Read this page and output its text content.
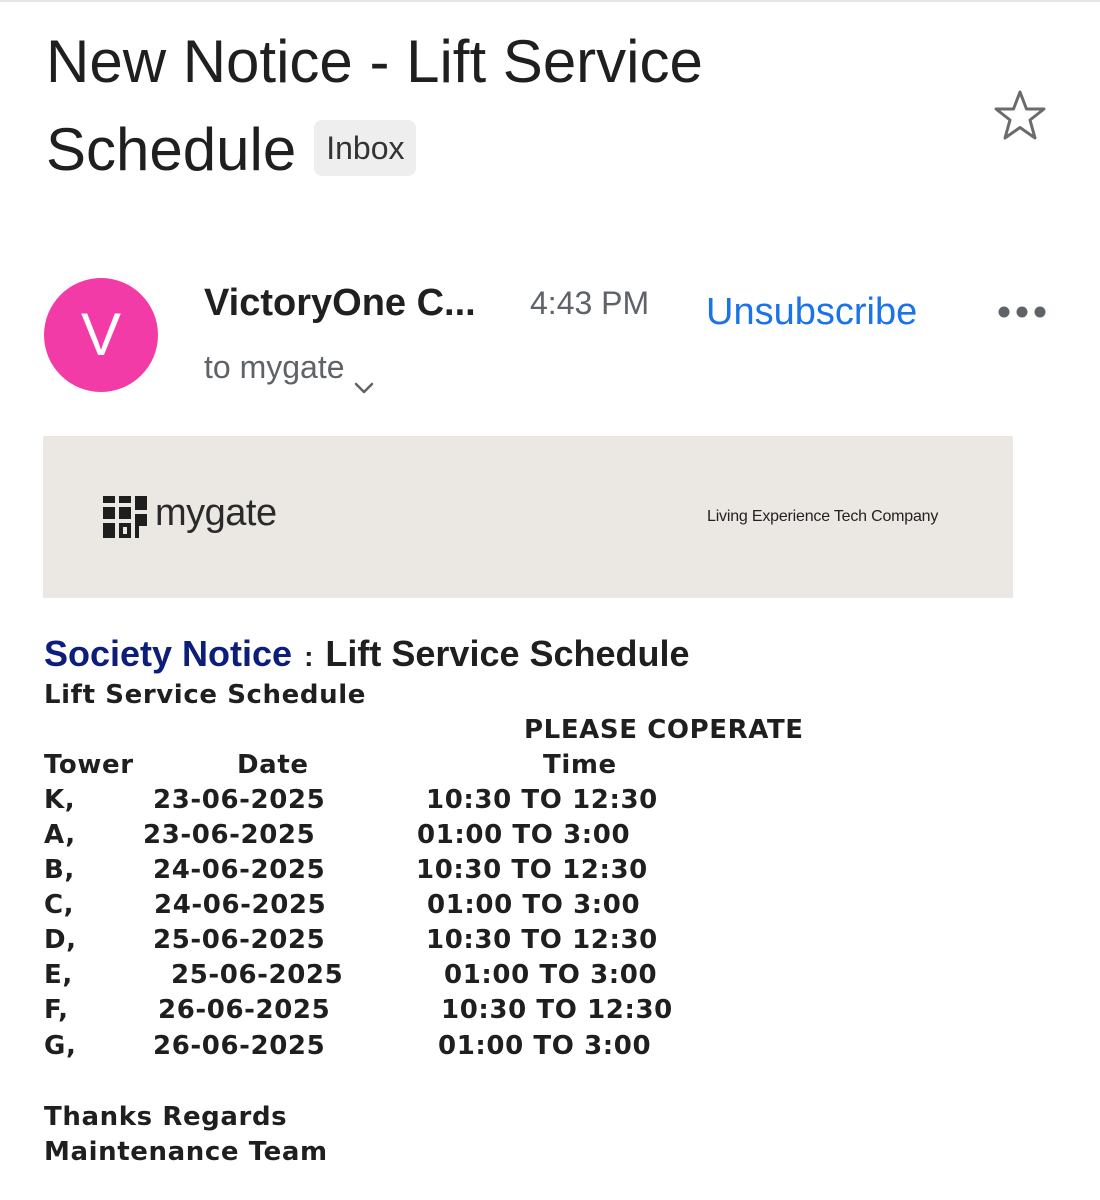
New Notice - Lift Service Schedule Inbox
V	VictoryOne C... 4:43 PM Unsubscribe
to mygate
mygate	Living Experience Tech Company
Society Notice : Lift Service Schedule
Lift Service Schedule
PLEASE COPERATE
Tower	Date	Time
K,	23-06-2025	10:30 TO 12:30
A,	23-06-2025	01:00 TO 3:00
B,	24-06-2025	10:30 TO 12:30
C,	24-06-2025	01:00 TO 3:00
D,	25-06-2025	10:30 TO 12:30
E,	25-06-2025	01:00 TO 3:00
F,	26-06-2025	10:30 TO 12:30
G,	26-06-2025	01:00 TO 3:00
Thanks Regards
Maintenance Team
